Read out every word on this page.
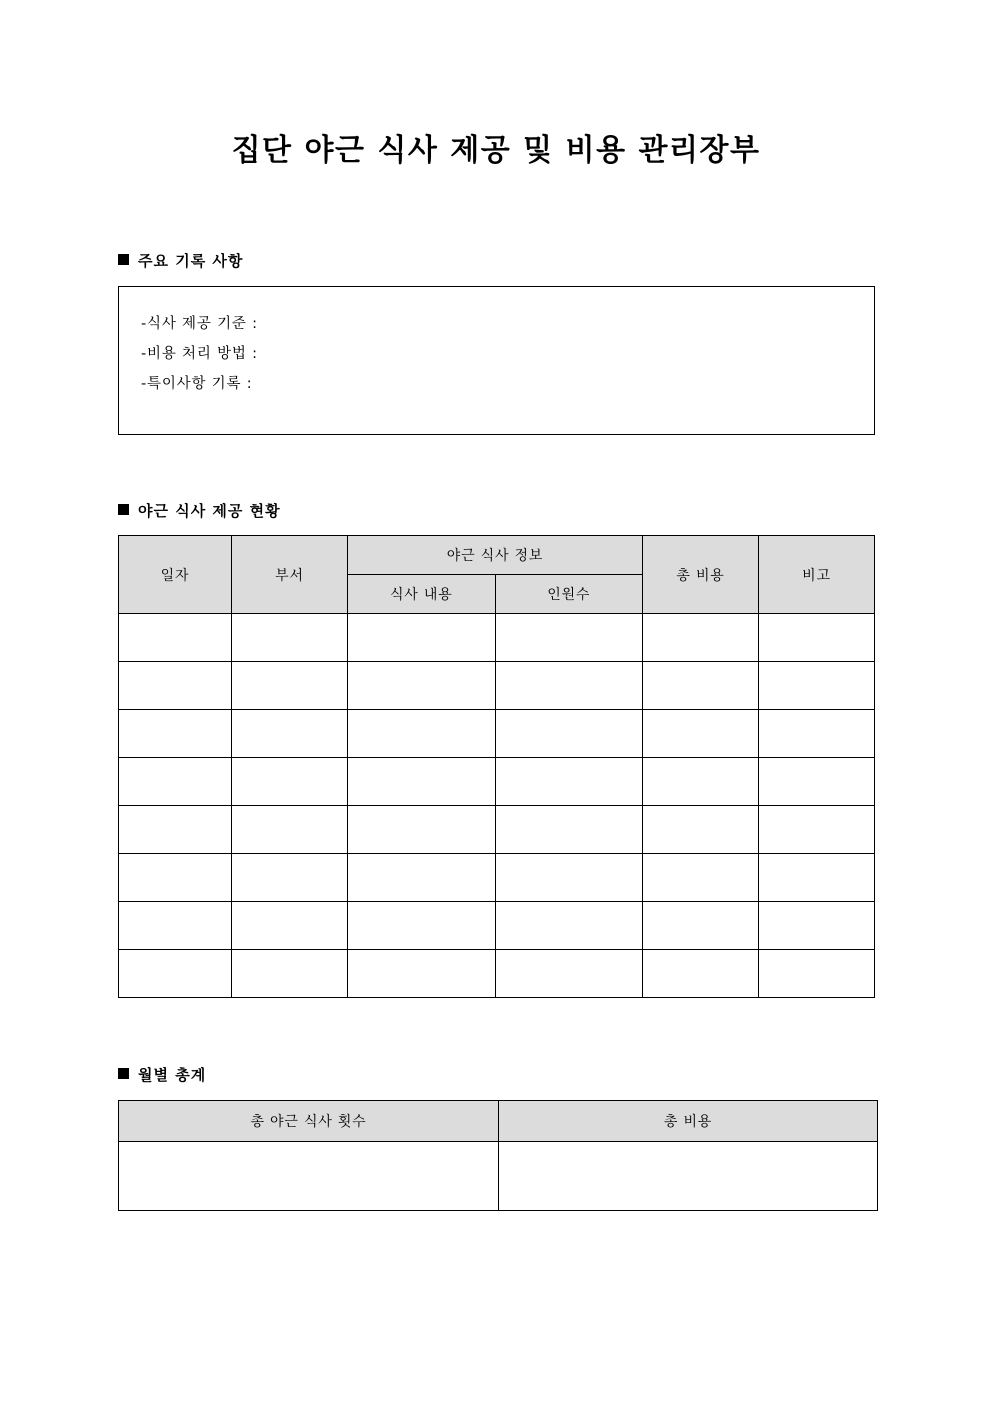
집단 야근 식사 제공 및 비용 관리장부
주요 기록 사항
-식사 제공 기준 :
-비용 처리 방법 :
-특이사항 기록 :
야근 식사 제공 현황
일자	부서	야근 식사 정보		총 비용	비고
		식사 내용	인원수		

월별 총계
총 야근 식사 횟수	총 비용
